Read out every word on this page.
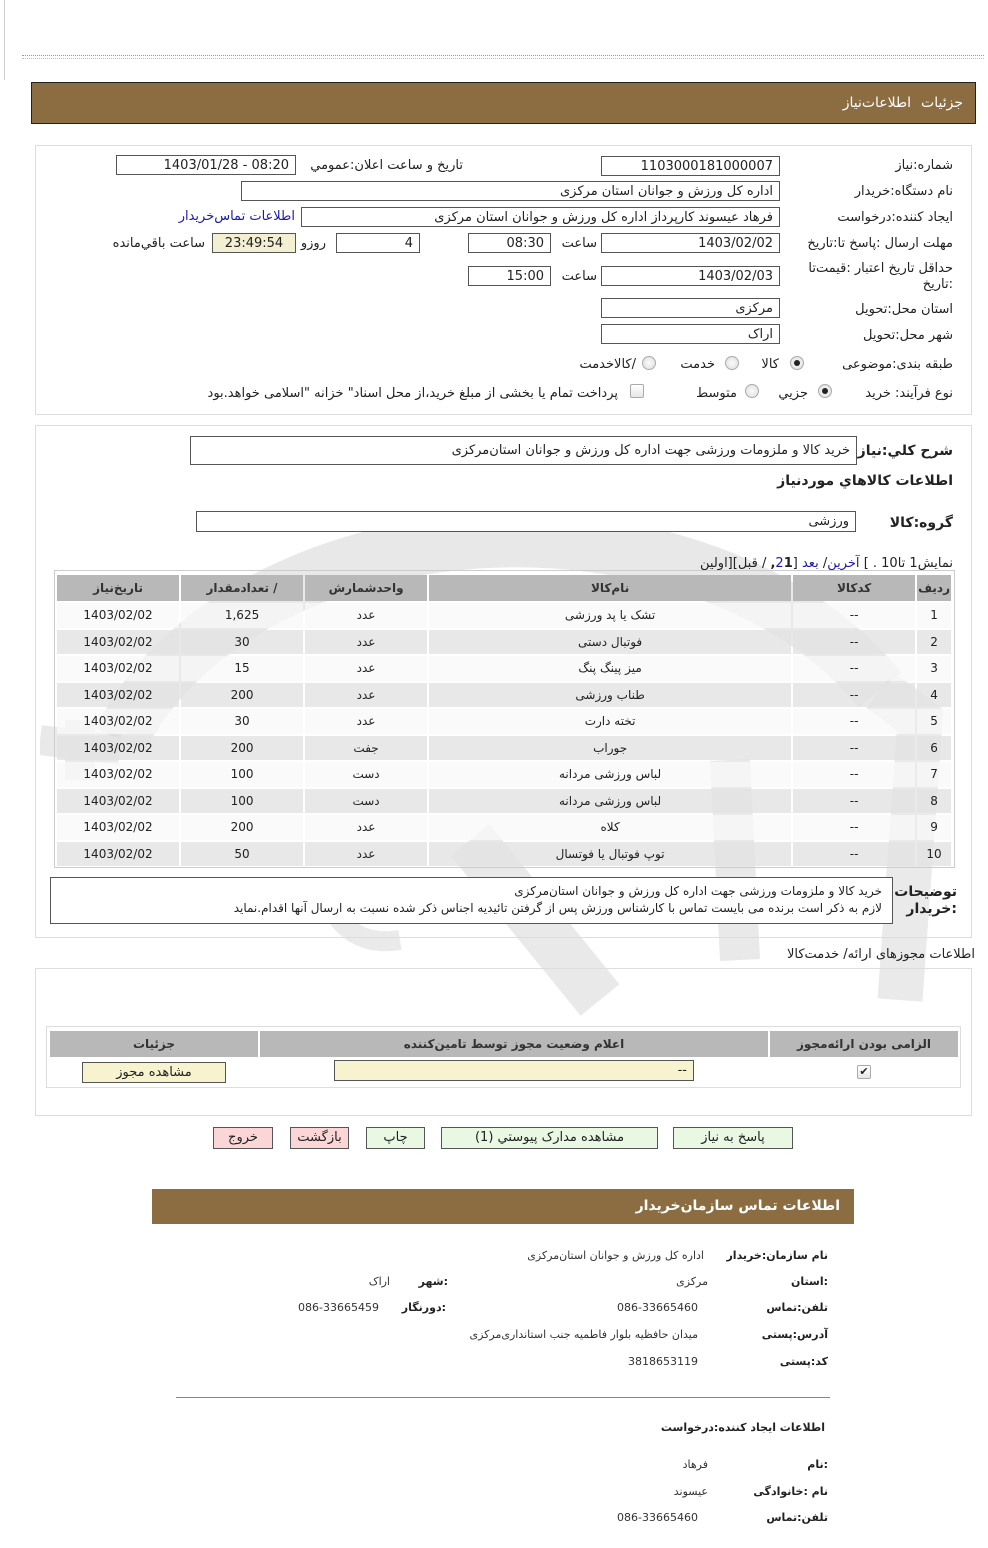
جزئیات
اطلاعات‌نیاز
شماره:نیاز
1103000181000007
تاریخ و ساعت اعلان:عمومي
1403/01/28 - 08:20
نام دستگاه:خریدار
اداره کل ورزش و جوانان استان مرکزی
ایجاد کننده:درخواست
فرهاد عیسوند کارپرداز اداره کل ورزش و جوانان استان مرکزی
اطلاعات تماس‌خریدار
مهلت ارسال :پاسخ تا:تاریخ
1403/02/02
ساعت
08:30
4
روزو
23:49:54
ساعت باقي‌مانده
حداقل تاریخ اعتبار :قیمت‌تا :تاریخ
1403/02/03
ساعت
15:00
استان محل:تحویل
مرکزی
شهر محل:تحویل
اراک
طبقه بندی:موضوعی
کالا
خدمت
/کالاخدمت
نوع فرآیند: خرید
جزيي
متوسط
پرداخت تمام یا بخشی از مبلغ خرید،از محل اسناد" خزانه "اسلامی خواهد.بود
شرح کلي:نیاز
خرید کالا و ملزومات ورزشی جهت اداره کل ورزش و جوانان استان‌مرکزی
اطلاعات کالاهاي موردنیاز
گروه:کالا
ورزشی
نمایش1 تا10 . ] آخرین/ بعد [21, / قبل][اولین
ردیف	کدکالا	نام‌کالا	واحدشمارش	/ تعدادمقدار	تاریخ‌نیاز
1	--	تشک یا پد ورزشی	عدد	1,625	1403/02/02
2	--	فوتبال دستی	عدد	30	1403/02/02
3	--	میز پینگ پنگ	عدد	15	1403/02/02
4	--	طناب ورزشی	عدد	200	1403/02/02
5	--	تخته دارت	عدد	30	1403/02/02
6	--	جوراب	جفت	200	1403/02/02
7	--	لباس ورزشی مردانه	دست	100	1403/02/02
8	--	لباس ورزشی مردانه	دست	100	1403/02/02
9	--	کلاه	عدد	200	1403/02/02
10	--	توپ فوتبال یا فوتسال	عدد	50	1403/02/02
توضیحات :خریدار
خرید کالا و ملزومات ورزشی جهت اداره کل ورزش و جوانان استان‌مرکزی
لازم به ذکر است برنده می بایست تماس با کارشناس ورزش پس از گرفتن تائیدیه اجناس ذکر شده نسبت به ارسال آنها اقدام.نماید
اطلاعات مجوزهای ارائه/ خدمت‌کالا
الزامی بودن ارائه‌مجوز	اعلام وضعیت مجوز توسط تامین‌کننده	جزئیات
✔	--	مشاهده مجوز
پاسخ به نیاز
مشاهده مدارک پیوستي (1)
چاپ
بازگشت
خروج
اطلاعات تماس سازمان‌خریدار
نام سازمان:خریدار
اداره کل ورزش و جوانان استان‌مرکزی
:استان
مرکزی
:شهر
اراک
تلفن:تماس
086-33665460
:دورنگار
086-33665459
آدرس:پستی
میدان حافظیه بلوار فاطمیه جنب استانداری‌مرکزی
کد:پستی
3818653119
اطلاعات ایجاد کننده:درخواست
:نام
فرهاد
نام :خانوادگی
عیسوند
تلفن:تماس
086-33665460
